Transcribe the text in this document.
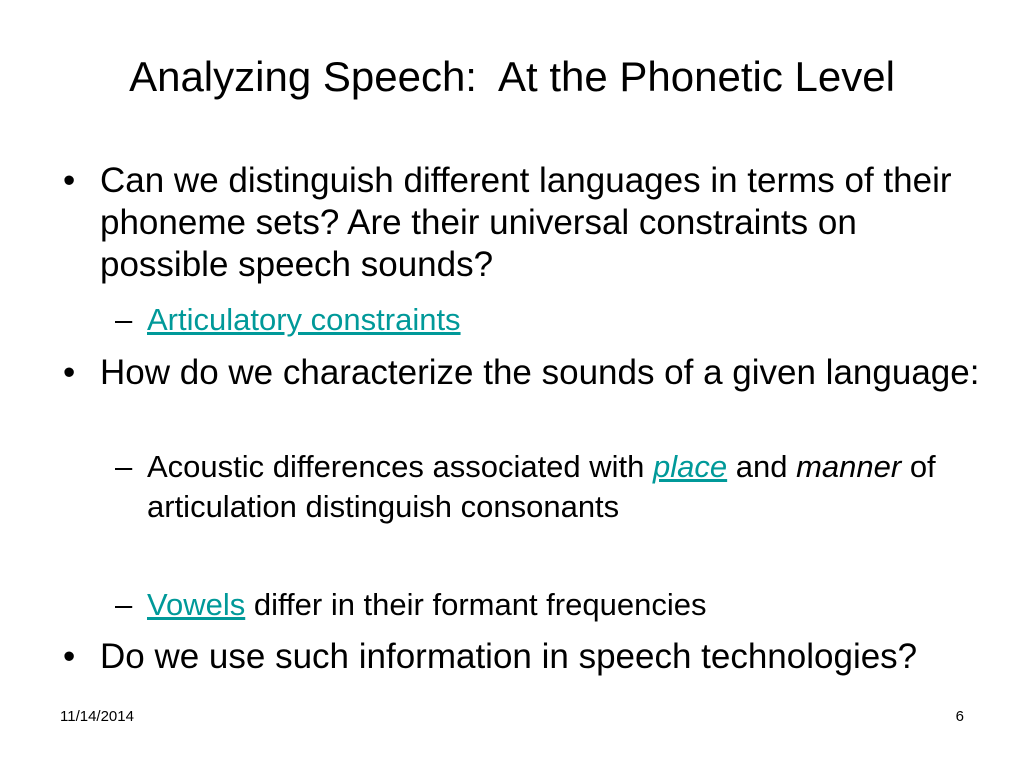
Analyzing Speech:  At the Phonetic Level
• Can we distinguish different languages in terms of their phoneme sets? Are their universal constraints on possible speech sounds?
– Articulatory constraints
• How do we characterize the sounds of a given language:
– Acoustic differences associated with place and manner of articulation distinguish consonants
– Vowels differ in their formant frequencies
• Do we use such information in speech technologies?
11/14/2014	6
